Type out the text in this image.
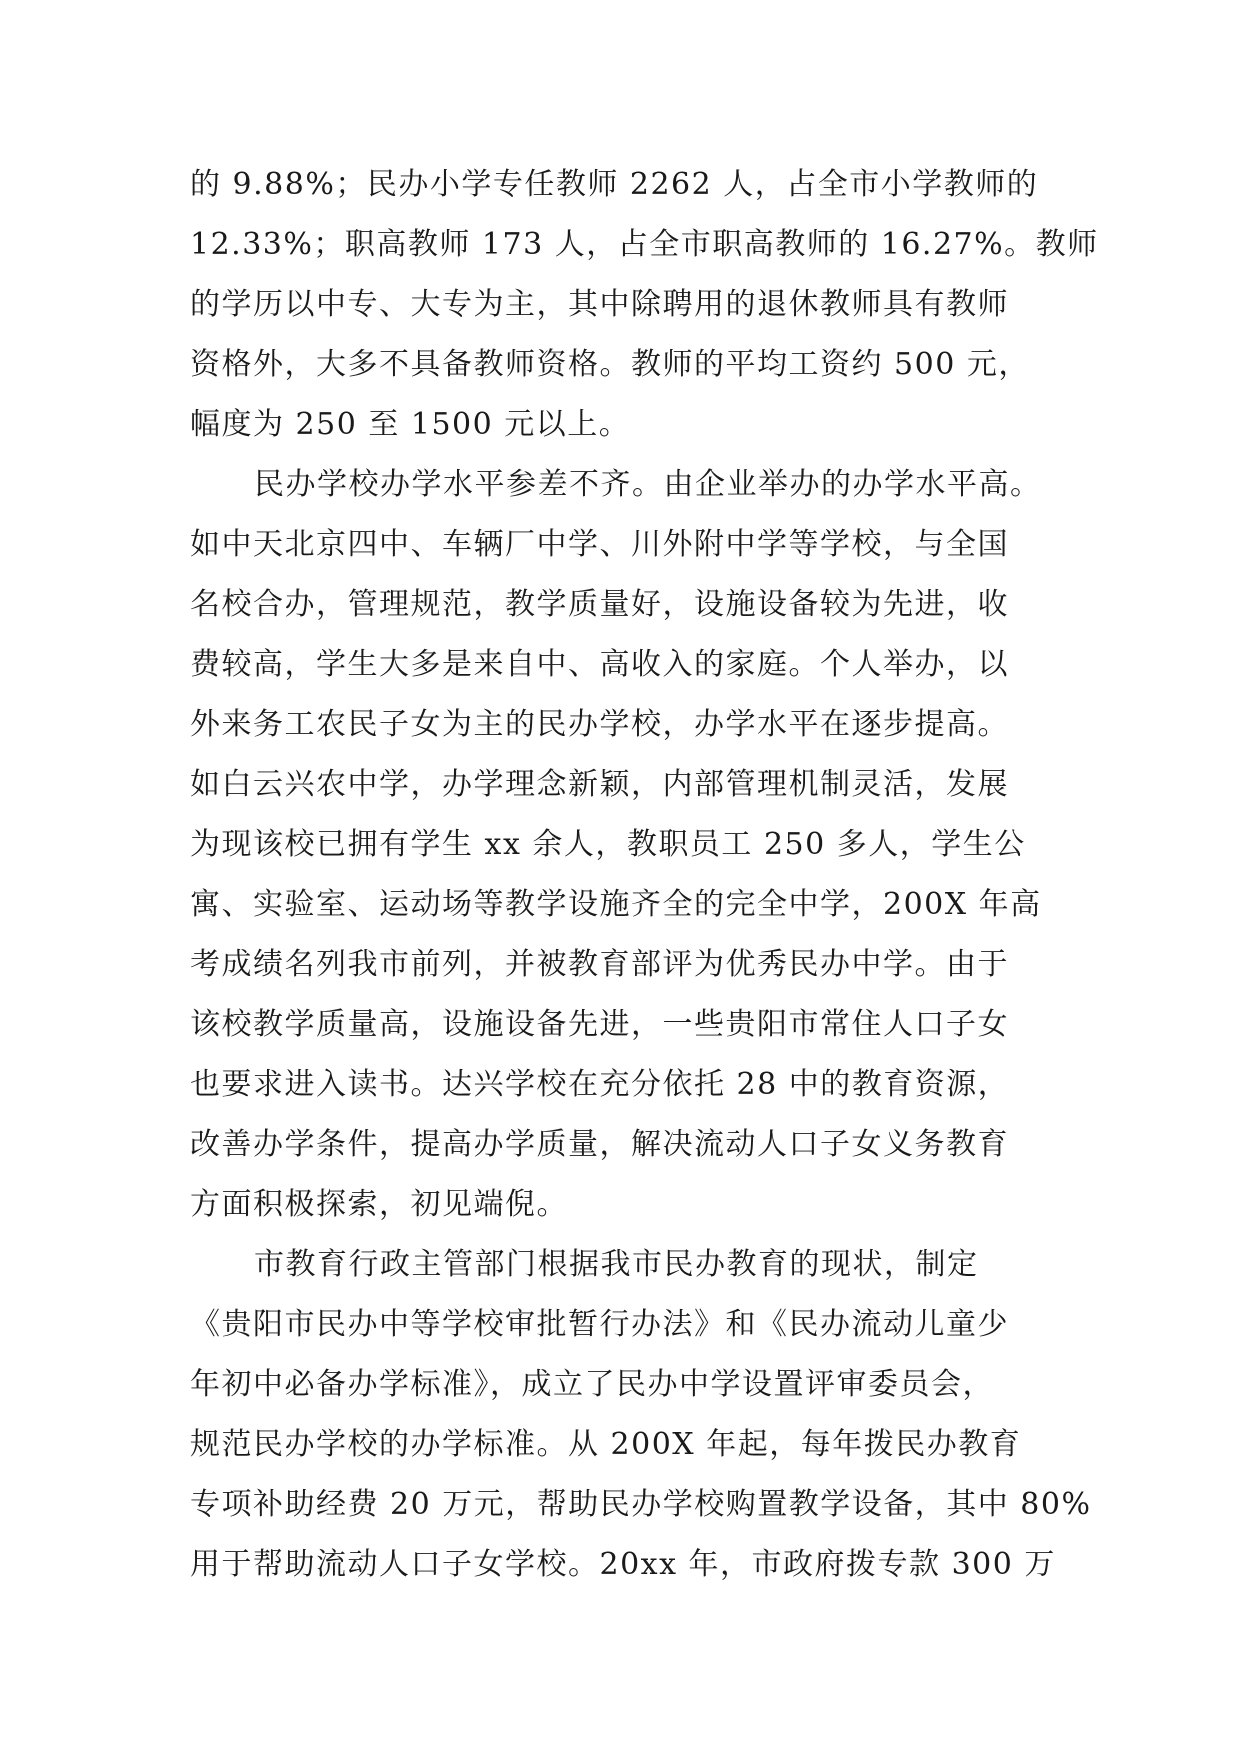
的 9.88%；民办小学专任教师 2262 人，占全市小学教师的
12.33%；职高教师 173 人，占全市职高教师的 16.27%。教师
的学历以中专、大专为主，其中除聘用的退休教师具有教师
资格外，大多不具备教师资格。教师的平均工资约 500 元，
幅度为 250 至 1500 元以上。
民办学校办学水平参差不齐。由企业举办的办学水平高。
如中天北京四中、车辆厂中学、川外附中学等学校，与全国
名校合办，管理规范，教学质量好，设施设备较为先进，收
费较高，学生大多是来自中、高收入的家庭。个人举办，以
外来务工农民子女为主的民办学校，办学水平在逐步提高。
如白云兴农中学，办学理念新颖，内部管理机制灵活，发展
为现该校已拥有学生 xx 余人，教职员工 250 多人，学生公
寓、实验室、运动场等教学设施齐全的完全中学，200X 年高
考成绩名列我市前列，并被教育部评为优秀民办中学。由于
该校教学质量高，设施设备先进，一些贵阳市常住人口子女
也要求进入读书。达兴学校在充分依托 28 中的教育资源，
改善办学条件，提高办学质量，解决流动人口子女义务教育
方面积极探索，初见端倪。
市教育行政主管部门根据我市民办教育的现状，制定
《贵阳市民办中等学校审批暂行办法》和《民办流动儿童少
年初中必备办学标准》，成立了民办中学设置评审委员会，
规范民办学校的办学标准。从 200X 年起，每年拨民办教育
专项补助经费 20 万元，帮助民办学校购置教学设备，其中 80%
用于帮助流动人口子女学校。20xx 年，市政府拨专款 300 万
